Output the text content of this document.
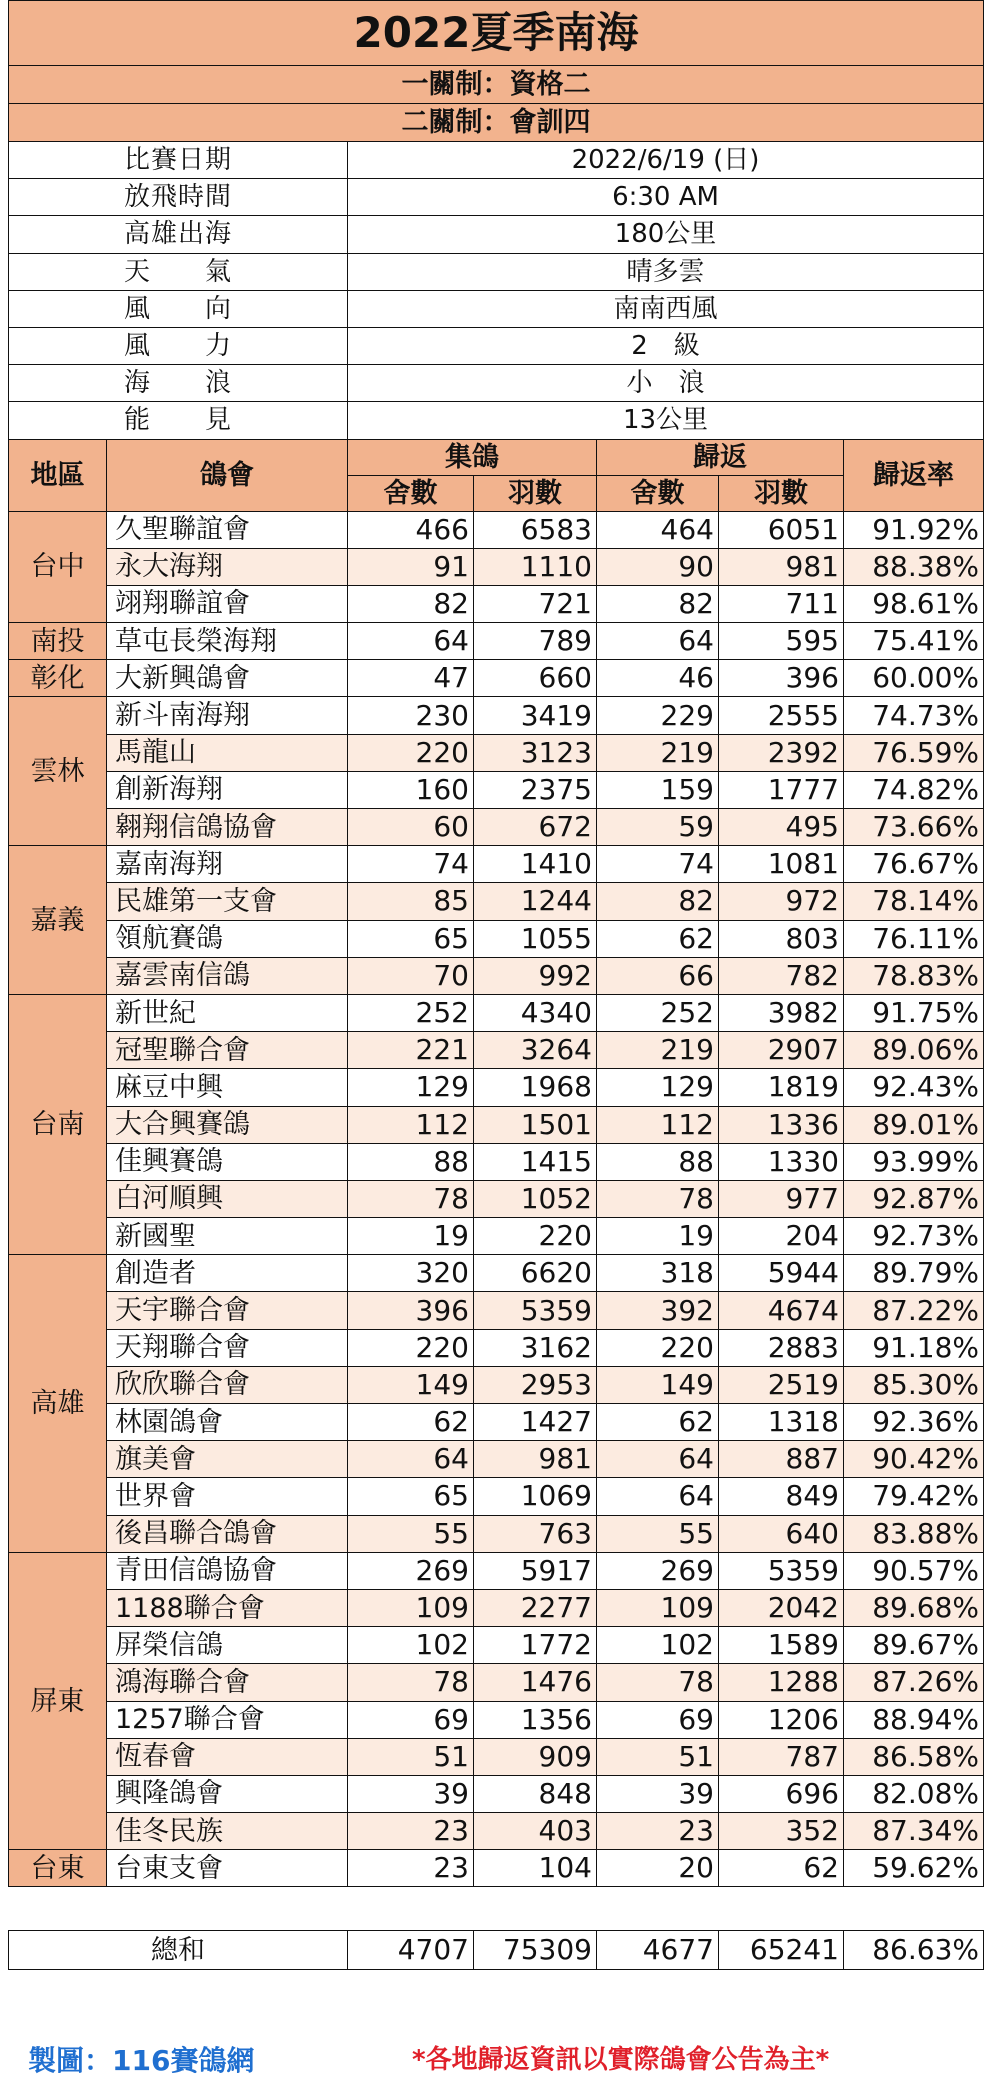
2022夏季南海						
一關制：資格二						
二關制：會訓四						
比賽日期		2022/6/19 (日)				
放飛時間		6:30 AM				
高雄出海		180公里				
天　　氣		晴多雲				
風　　向		南南西風				
風　　力		2　級				
海　　浪		小　浪				
能　　見		13公里				
地區	鴿會	集鴿		歸返		歸返率
		舍數	羽數	舍數	羽數	
台中	久聖聯誼會	466	6583	464	6051	91.92%
	永大海翔	91	1110	90	981	88.38%
	翊翔聯誼會	82	721	82	711	98.61%
南投	草屯長榮海翔	64	789	64	595	75.41%
彰化	大新興鴿會	47	660	46	396	60.00%
雲林	新斗南海翔	230	3419	229	2555	74.73%
	馬龍山	220	3123	219	2392	76.59%
	創新海翔	160	2375	159	1777	74.82%
	翱翔信鴿協會	60	672	59	495	73.66%
嘉義	嘉南海翔	74	1410	74	1081	76.67%
	民雄第一支會	85	1244	82	972	78.14%
	領航賽鴿	65	1055	62	803	76.11%
	嘉雲南信鴿	70	992	66	782	78.83%
台南	新世紀	252	4340	252	3982	91.75%
	冠聖聯合會	221	3264	219	2907	89.06%
	麻豆中興	129	1968	129	1819	92.43%
	大合興賽鴿	112	1501	112	1336	89.01%
	佳興賽鴿	88	1415	88	1330	93.99%
	白河順興	78	1052	78	977	92.87%
	新國聖	19	220	19	204	92.73%
高雄	創造者	320	6620	318	5944	89.79%
	天宇聯合會	396	5359	392	4674	87.22%
	天翔聯合會	220	3162	220	2883	91.18%
	欣欣聯合會	149	2953	149	2519	85.30%
	林園鴿會	62	1427	62	1318	92.36%
	旗美會	64	981	64	887	90.42%
	世界會	65	1069	64	849	79.42%
	後昌聯合鴿會	55	763	55	640	83.88%
屏東	青田信鴿協會	269	5917	269	5359	90.57%
	1188聯合會	109	2277	109	2042	89.68%
	屏榮信鴿	102	1772	102	1589	89.67%
	鴻海聯合會	78	1476	78	1288	87.26%
	1257聯合會	69	1356	69	1206	88.94%
	恆春會	51	909	51	787	86.58%
	興隆鴿會	39	848	39	696	82.08%
	佳冬民族	23	403	23	352	87.34%
台東	台東支會	23	104	20	62	59.62%
總和	4707	75309	4677	65241	86.63%
製圖：116賽鴿網	*各地歸返資訊以實際鴿會公告為主*
